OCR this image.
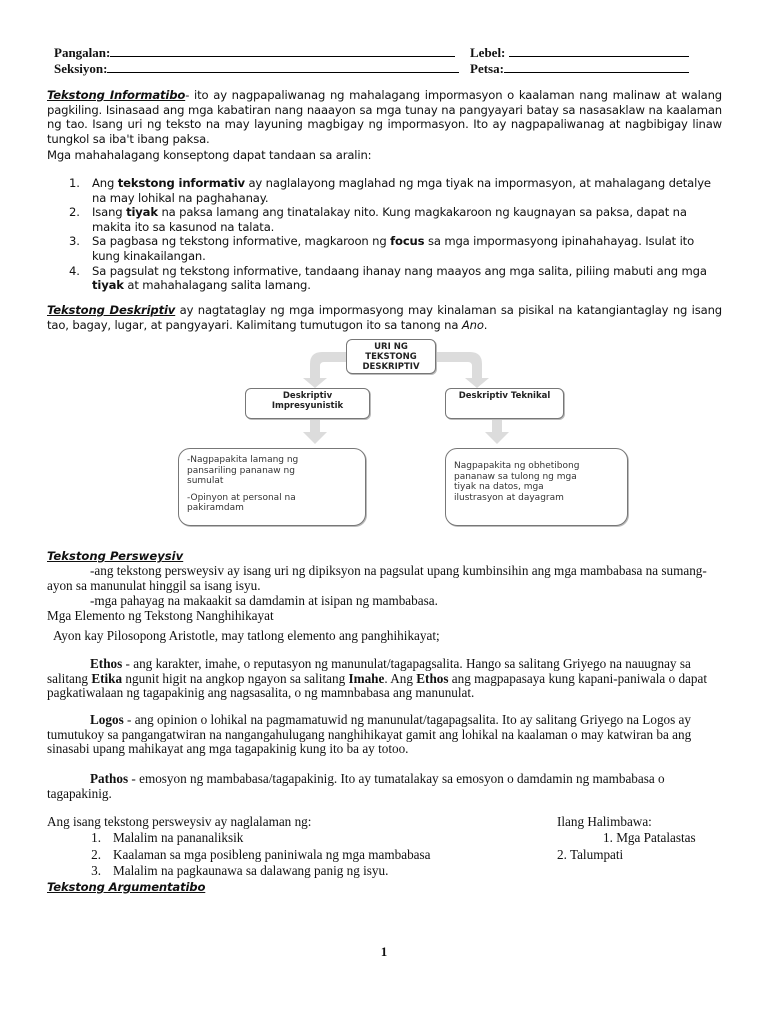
Pangalan:	Lebel:
Seksiyon:	Petsa:
Tekstong Informatibo- ito ay nagpapaliwanag ng mahalagang impormasyon o kaalaman nang malinaw at walang pagkiling. Isinasaad ang mga kabatiran nang naaayon sa mga tunay na pangyayari batay sa nasasaklaw na kaalaman ng tao. Isang uri ng teksto na may layuning magbigay ng impormasyon. Ito ay nagpapaliwanag at nagbibigay linaw tungkol sa iba't ibang paksa.
Mga mahahalagang konseptong dapat tandaan sa aralin:
1. Ang tekstong informativ ay naglalayong maglahad ng mga tiyak na impormasyon, at mahalagang detalye na may lohikal na paghahanay.
2. Isang tiyak na paksa lamang ang tinatalakay nito. Kung magkakaroon ng kaugnayan sa paksa, dapat na makita ito sa kasunod na talata.
3. Sa pagbasa ng tekstong informative, magkaroon ng focus sa mga impormasyong ipinahahayag. Isulat ito kung kinakailangan.
4. Sa pagsulat ng tekstong informative, tandaang ihanay nang maayos ang mga salita, piliing mabuti ang mga tiyak at mahahalagang salita lamang.
Tekstong Deskriptiv ay nagtataglay ng mga impormasyong may kinalaman sa pisikal na katangiantaglay ng isang tao, bagay, lugar, at pangyayari. Kalimitang tumutugon ito sa tanong na Ano.
URI NG TEKSTONG DESKRIPTIV
Deskriptiv Impresyunistik
Deskriptiv Teknikal
-Nagpapakita lamang ng pansariling pananaw ng sumulat
-Opinyon at personal na pakiramdam
Nagpapakita ng obhetibong pananaw sa tulong ng mga tiyak na datos, mga ilustrasyon at dayagram
Tekstong Persweysiv
-ang tekstong persweysiv ay isang uri ng dipiksyon na pagsulat upang kumbinsihin ang mga mambabasa na sumang-ayon sa manunulat hinggil sa isang isyu.
-mga pahayag na makaakit sa damdamin at isipan ng mambabasa.
Mga Elemento ng Tekstong Nanghihikayat
Ayon kay Pilosopong Aristotle, may tatlong elemento ang panghihikayat;
Ethos - ang karakter, imahe, o reputasyon ng manunulat/tagapagsalita. Hango sa salitang Griyego na nauugnay sa salitang Etika ngunit higit na angkop ngayon sa salitang Imahe. Ang Ethos ang magpapasaya kung kapani-paniwala o dapat pagkatiwalaan ng tagapakinig ang nagsasalita, o ng mamnbabasa ang manunulat.
Logos - ang opinion o lohikal na pagmamatuwid ng manunulat/tagapagsalita. Ito ay salitang Griyego na Logos ay tumutukoy sa pangangatwiran na nangangahulugang nanghihikayat gamit ang lohikal na kaalaman o may katwiran ba ang sinasabi upang mahikayat ang mga tagapakinig kung ito ba ay totoo.
Pathos - emosyon ng mambabasa/tagapakinig. Ito ay tumatalakay sa emosyon o damdamin ng mambabasa o tagapakinig.
Ang isang tekstong persweysiv ay naglalaman ng:
1. Malalim na pananaliksik
2. Kaalaman sa mga posibleng paniniwala ng mga mambabasa
3. Malalim na pagkaunawa sa dalawang panig ng isyu.
Ilang Halimbawa:
1. Mga Patalastas
2. Talumpati
Tekstong Argumentatibo
1
